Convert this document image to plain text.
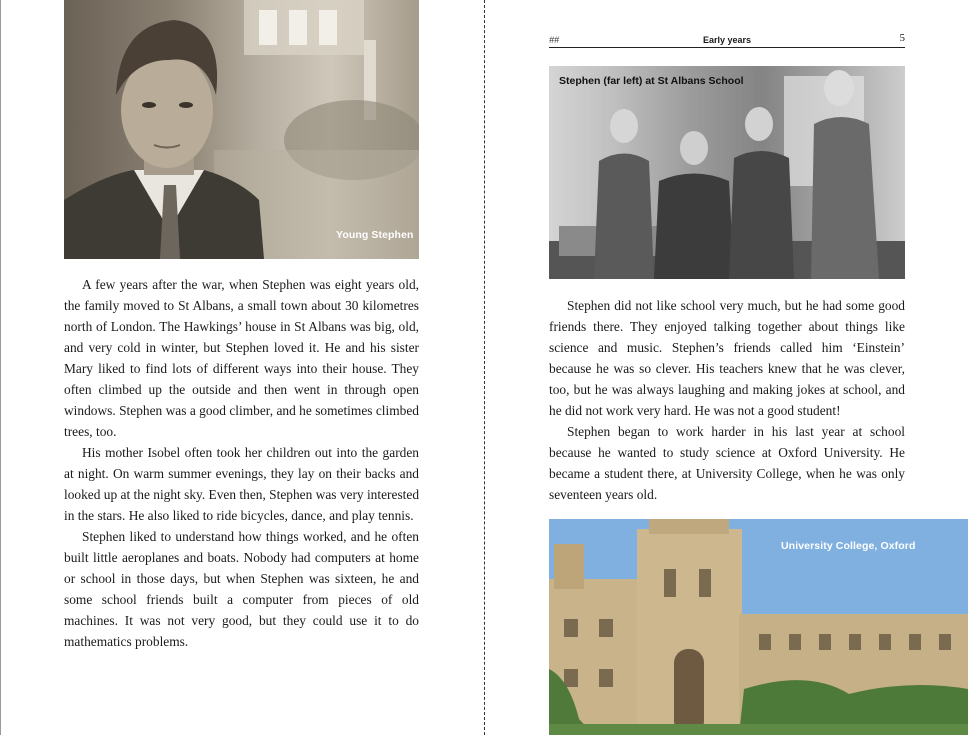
Young Stephen

A few years after the war, when Stephen was eight years old, the family moved to St Albans, a small town about 30 kilometres north of London. The Hawkings’ house in St Albans was big, old, and very cold in winter, but Stephen loved it. He and his sister Mary liked to find lots of different ways into their house. They often climbed up the outside and then went in through open windows. Stephen was a good climber, and he sometimes climbed trees, too.

His mother Isobel often took her children out into the garden at night. On warm summer evenings, they lay on their backs and looked up at the night sky. Even then, Stephen was very interested in the stars. He also liked to ride bicycles, dance, and play tennis.

Stephen liked to understand how things worked, and he often built little aeroplanes and boats. Nobody had computers at home or school in those days, but when Stephen was sixteen, he and some school friends built a computer from pieces of old machines. It was not very good, but they could use it to do mathematics problems.

##	Early years	5
Stephen (far left) at St Albans School

Stephen did not like school very much, but he had some good friends there. They enjoyed talking together about things like science and music. Stephen’s friends called him ‘Einstein’ because he was so clever. His teachers knew that he was clever, too, but he was always laughing and making jokes at school, and he did not work very hard. He was not a good student!

Stephen began to work harder in his last year at school because he wanted to study science at Oxford University. He became a student there, at University College, when he was only seventeen years old.

University College, Oxford
